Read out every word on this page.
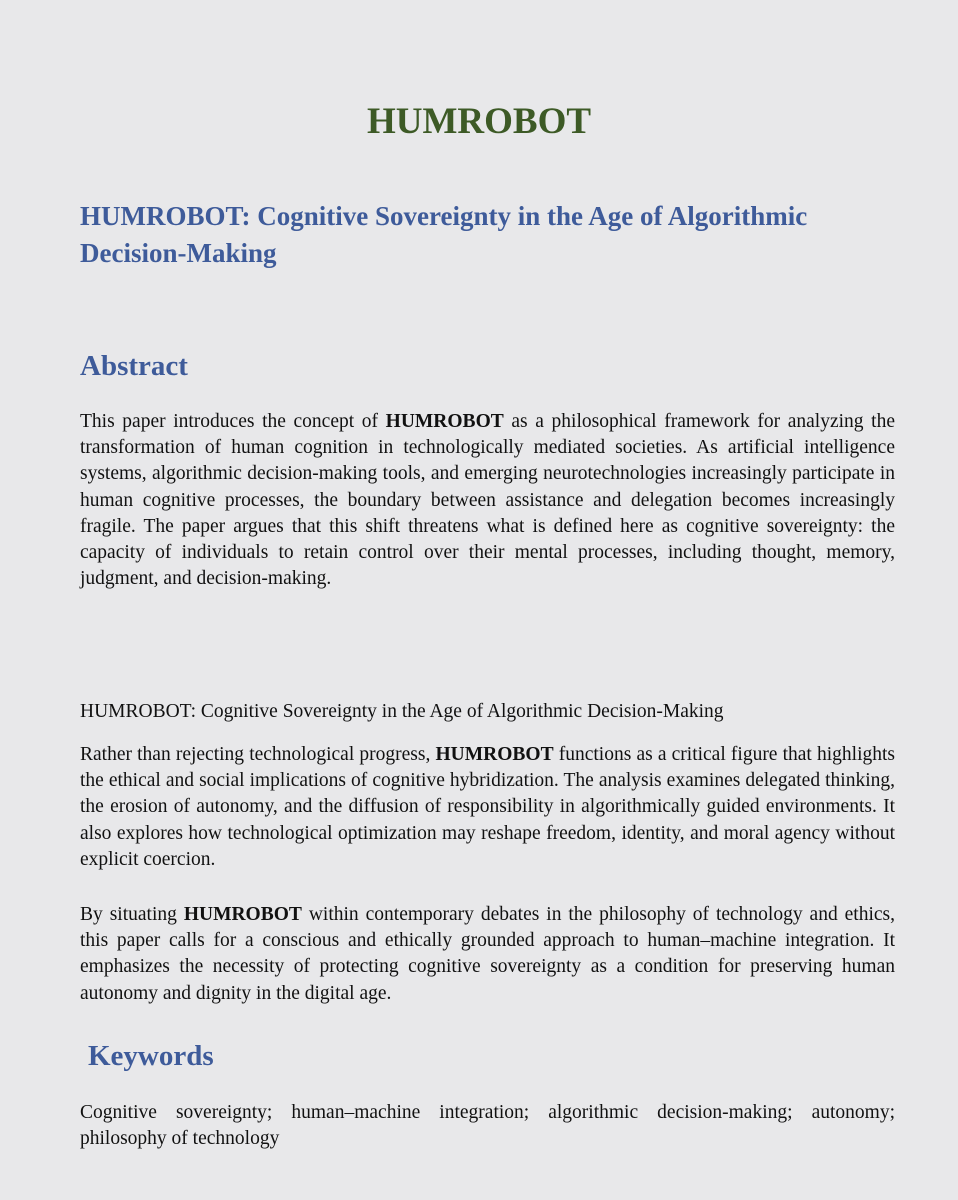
HUMROBOT
HUMROBOT: Cognitive Sovereignty in the Age of Algorithmic Decision-Making
Abstract

This paper introduces the concept of HUMROBOT as a philosophical framework for analyzing the transformation of human cognition in technologically mediated societies. As artificial intelligence systems, algorithmic decision-making tools, and emerging neurotechnologies increasingly participate in human cognitive processes, the boundary between assistance and delegation becomes increasingly fragile. The paper argues that this shift threatens what is defined here as cognitive sovereignty: the capacity of individuals to retain control over their mental processes, including thought, memory, judgment, and decision-making.

HUMROBOT: Cognitive Sovereignty in the Age of Algorithmic Decision-Making

Rather than rejecting technological progress, HUMROBOT functions as a critical figure that highlights the ethical and social implications of cognitive hybridization. The analysis examines delegated thinking, the erosion of autonomy, and the diffusion of responsibility in algorithmically guided environments. It also explores how technological optimization may reshape freedom, identity, and moral agency without explicit coercion.

By situating HUMROBOT within contemporary debates in the philosophy of technology and ethics, this paper calls for a conscious and ethically grounded approach to human–machine integration. It emphasizes the necessity of protecting cognitive sovereignty as a condition for preserving human autonomy and dignity in the digital age.

Keywords

Cognitive sovereignty; human–machine integration; algorithmic decision-making; autonomy; philosophy of technology
